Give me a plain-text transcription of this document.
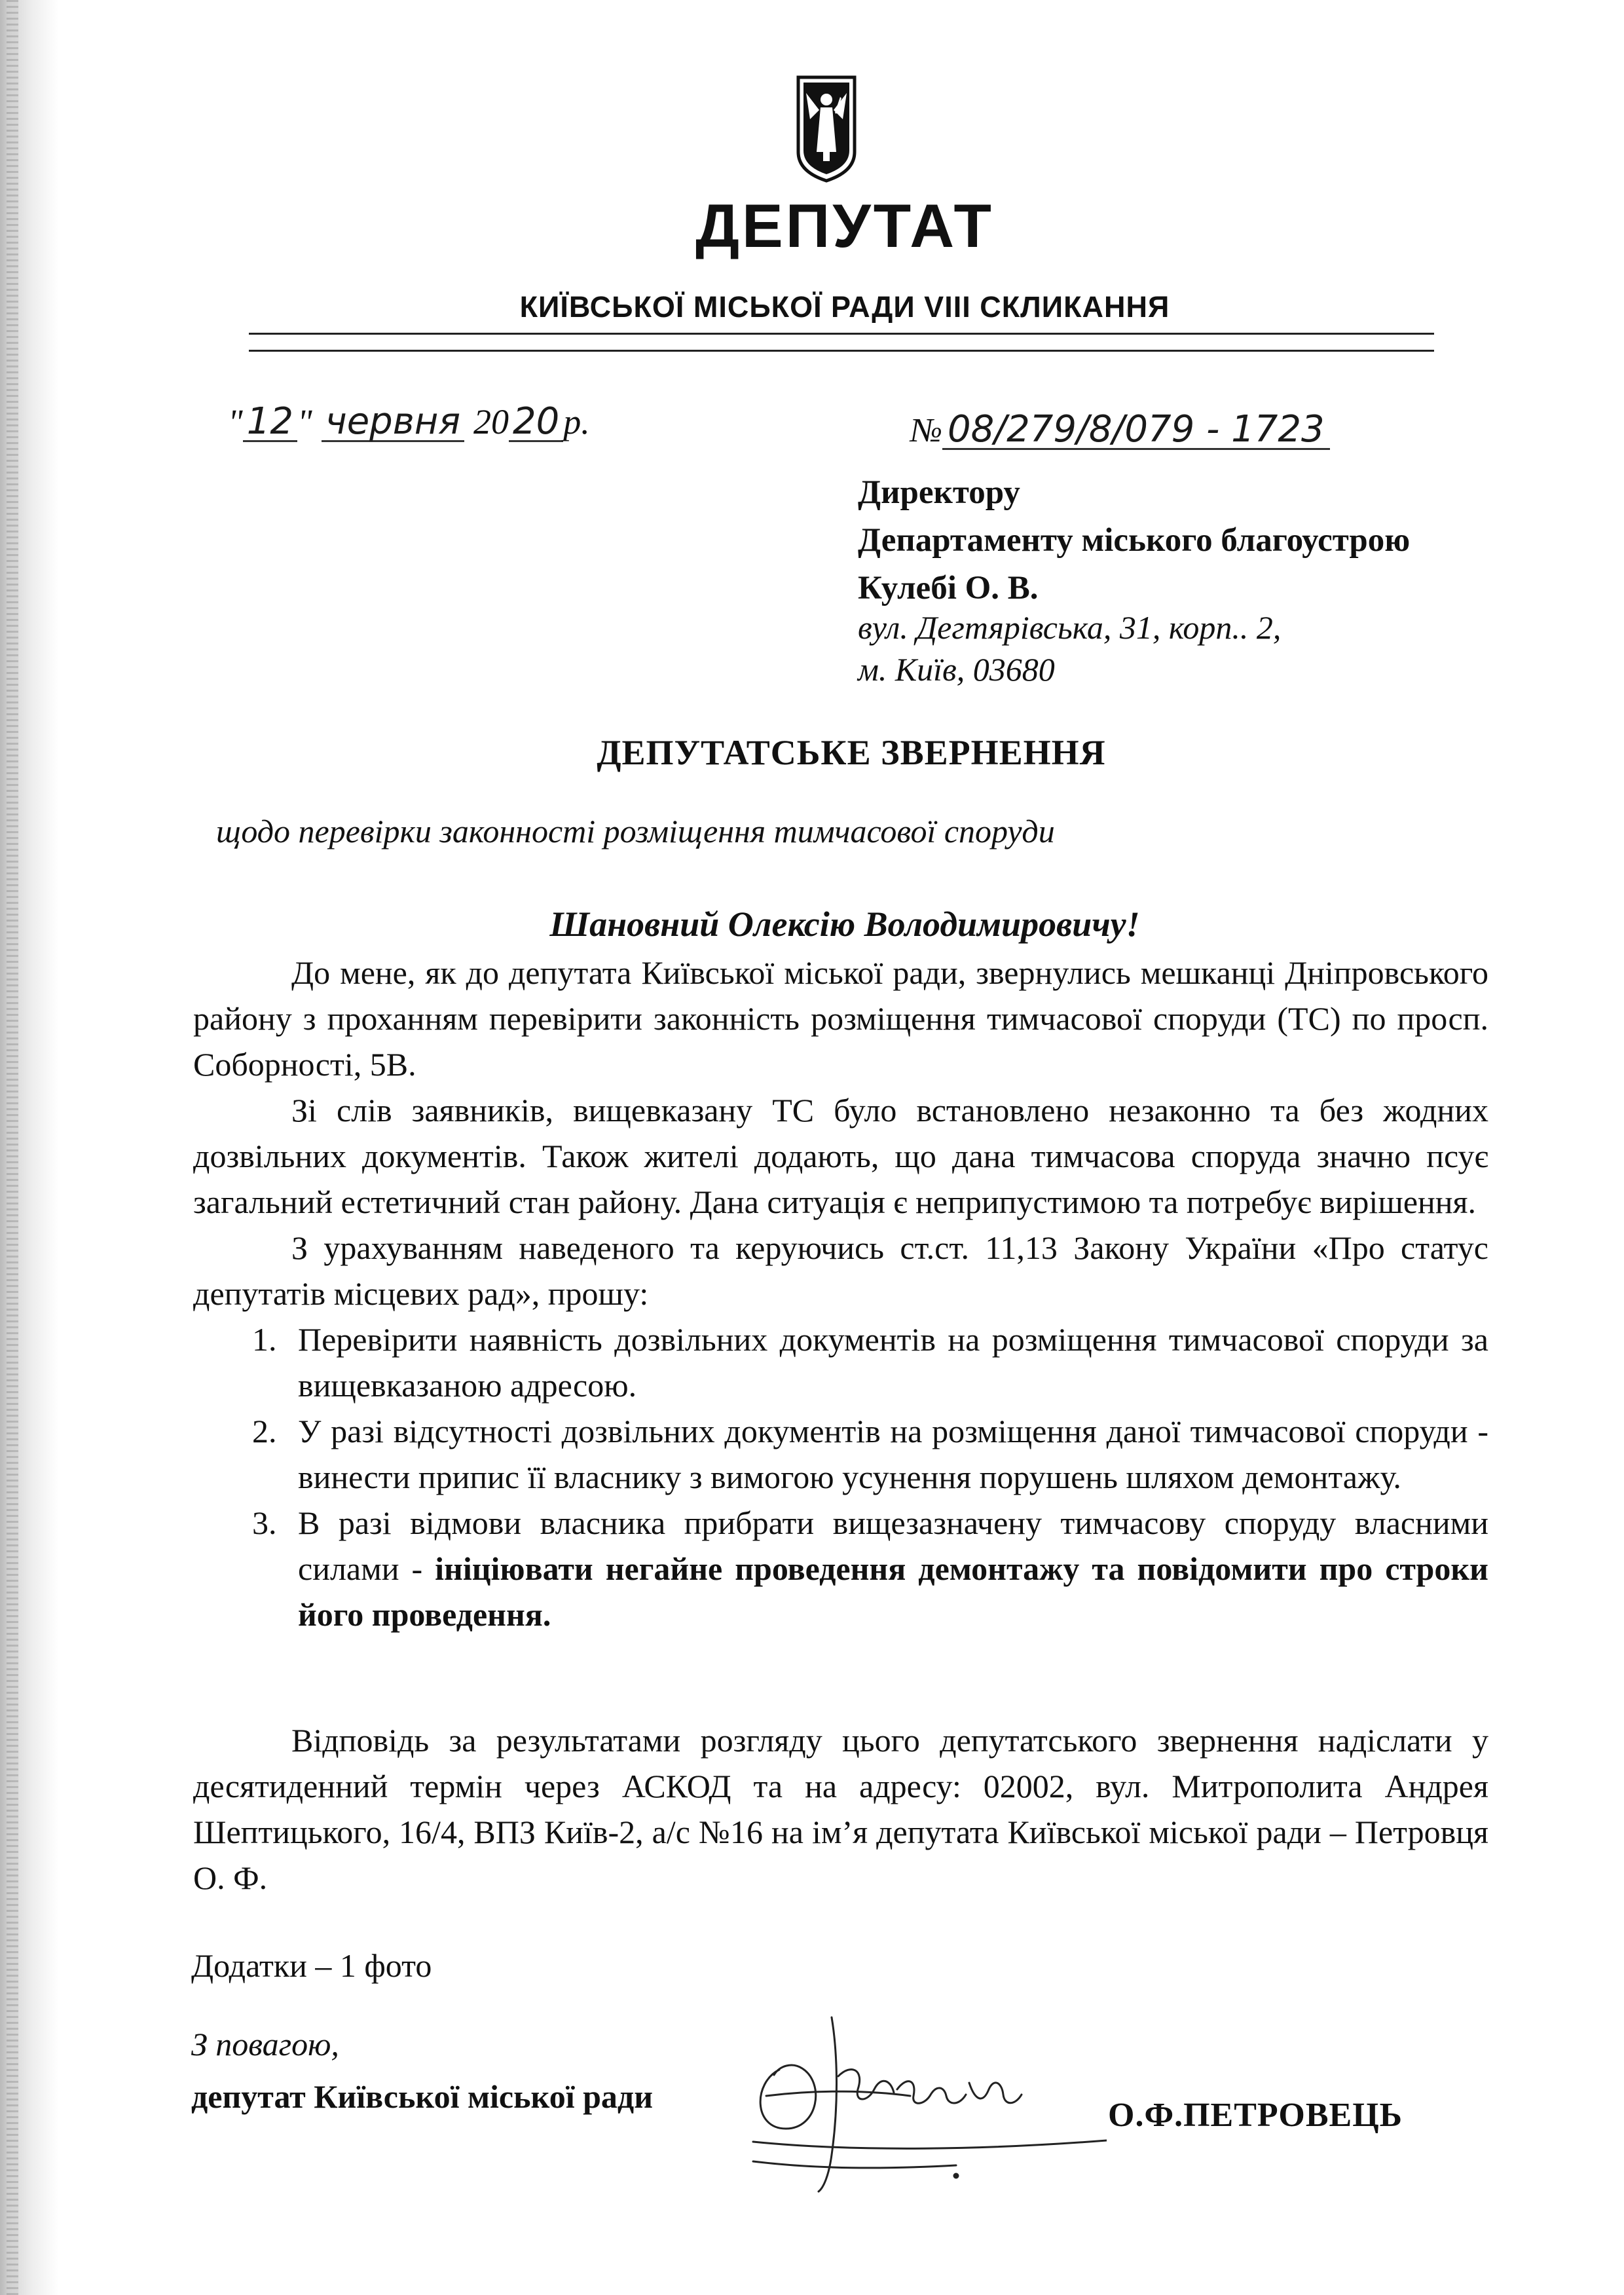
ДЕПУТАТ
КИЇВСЬКОЇ МІСЬКОЇ РАДИ VIII СКЛИКАННЯ
" 12 " червня 20 20 р.	№ 08/279/8/079 - 1723
Директору
Департаменту міського благоустрою
Кулебі О. В.
вул. Дегтярівська, 31, корп.. 2,
м. Київ, 03680
ДЕПУТАТСЬКЕ ЗВЕРНЕННЯ
щодо перевірки законності розміщення тимчасової споруди
Шановний Олексію Володимировичу!

До мене, як до депутата Київської міської ради, звернулись мешканці Дніпровського району з проханням перевірити законність розміщення тимчасової споруди (ТС) по просп. Соборності, 5В.

Зі слів заявників, вищевказану ТС було встановлено незаконно та без жодних дозвільних документів. Також жителі додають, що дана тимчасова споруда значно псує загальний естетичний стан району. Дана ситуація є неприпустимою та потребує вирішення.

З урахуванням наведеного та керуючись ст.ст. 11,13 Закону України «Про статус депутатів місцевих рад», прошу:

1. Перевірити наявність дозвільних документів на розміщення тимчасової споруди за вищевказаною адресою.
2. У разі відсутності дозвільних документів на розміщення даної тимчасової споруди - винести припис її власнику з вимогою усунення порушень шляхом демонтажу.
3. В разі відмови власника прибрати вищезазначену тимчасову споруду власними силами - ініціювати негайне проведення демонтажу та повідомити про строки його проведення.

Відповідь за результатами розгляду цього депутатського звернення надіслати у десятиденний термін через АСКОД та на адресу: 02002, вул. Митрополита Андрея Шептицького, 16/4, ВПЗ Київ-2, а/с №16 на ім’я депутата Київської міської ради – Петровця О. Ф.

Додатки – 1 фото
З повагою,
депутат Київської міської ради	О.Ф.ПЕТРОВЕЦЬ
